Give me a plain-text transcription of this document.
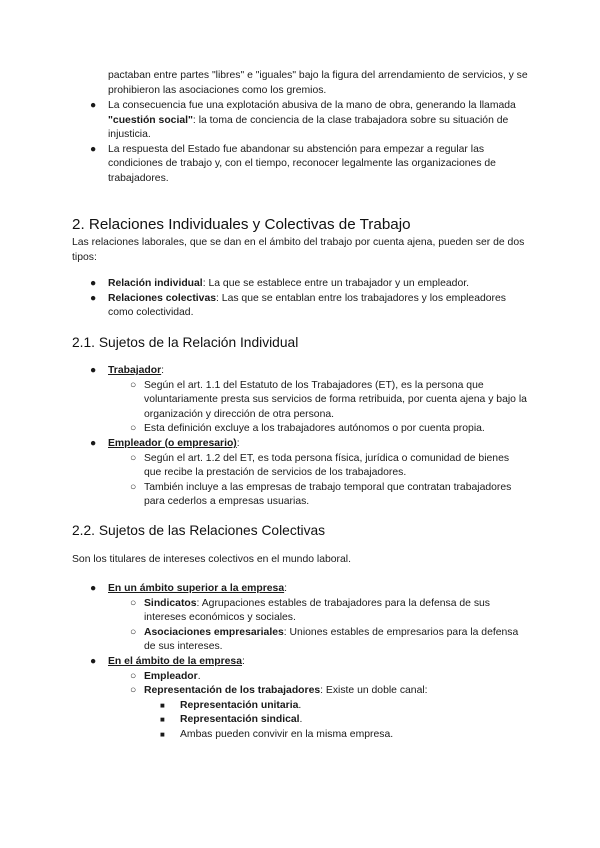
pactaban entre partes "libres" e "iguales" bajo la figura del arrendamiento de servicios, y se prohibieron las asociaciones como los gremios.
● La consecuencia fue una explotación abusiva de la mano de obra, generando la llamada "cuestión social": la toma de conciencia de la clase trabajadora sobre su situación de injusticia.
● La respuesta del Estado fue abandonar su abstención para empezar a regular las condiciones de trabajo y, con el tiempo, reconocer legalmente las organizaciones de trabajadores.
2. Relaciones Individuales y Colectivas de Trabajo
Las relaciones laborales, que se dan en el ámbito del trabajo por cuenta ajena, pueden ser de dos tipos:
● Relación individual: La que se establece entre un trabajador y un empleador.
● Relaciones colectivas: Las que se entablan entre los trabajadores y los empleadores como colectividad.
2.1. Sujetos de la Relación Individual
● Trabajador:
○ Según el art. 1.1 del Estatuto de los Trabajadores (ET), es la persona que voluntariamente presta sus servicios de forma retribuida, por cuenta ajena y bajo la organización y dirección de otra persona.
○ Esta definición excluye a los trabajadores autónomos o por cuenta propia.
● Empleador (o empresario):
○ Según el art. 1.2 del ET, es toda persona física, jurídica o comunidad de bienes que recibe la prestación de servicios de los trabajadores.
○ También incluye a las empresas de trabajo temporal que contratan trabajadores para cederlos a empresas usuarias.
2.2. Sujetos de las Relaciones Colectivas
Son los titulares de intereses colectivos en el mundo laboral.
● En un ámbito superior a la empresa:
○ Sindicatos: Agrupaciones estables de trabajadores para la defensa de sus intereses económicos y sociales.
○ Asociaciones empresariales: Uniones estables de empresarios para la defensa de sus intereses.
● En el ámbito de la empresa:
○ Empleador.
○ Representación de los trabajadores: Existe un doble canal:
■ Representación unitaria.
■ Representación sindical.
■ Ambas pueden convivir en la misma empresa.
